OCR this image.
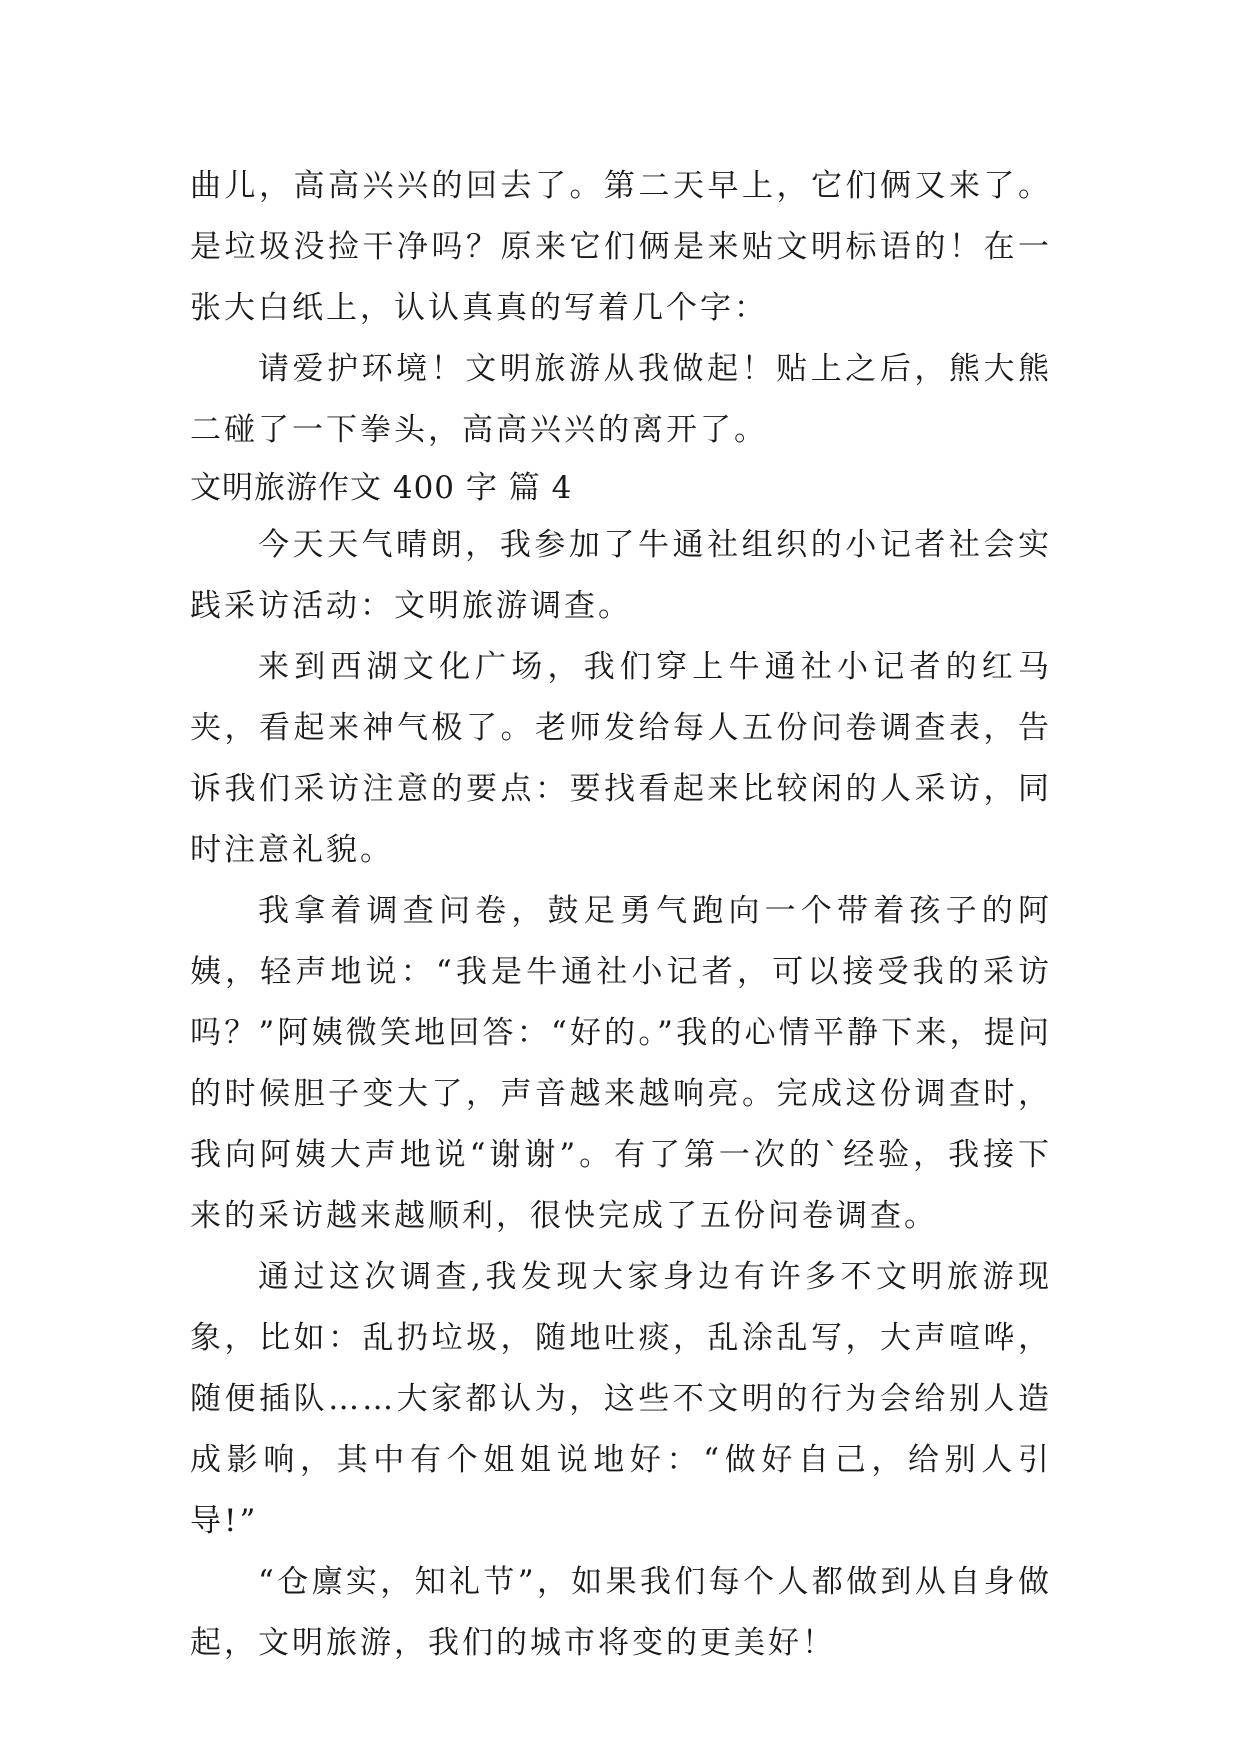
曲儿，高高兴兴的回去了。第二天早上，它们俩又来了。是垃圾没捡干净吗？原来它们俩是来贴文明标语的！在一张大白纸上，认认真真的写着几个字：

请爱护环境！文明旅游从我做起！贴上之后，熊大熊二碰了一下拳头，高高兴兴的离开了。

文明旅游作文 400 字 篇 4

今天天气晴朗，我参加了牛通社组织的小记者社会实践采访活动：文明旅游调查。

来到西湖文化广场，我们穿上牛通社小记者的红马夹，看起来神气极了。老师发给每人五份问卷调查表，告诉我们采访注意的要点：要找看起来比较闲的人采访，同时注意礼貌。

我拿着调查问卷，鼓足勇气跑向一个带着孩子的阿姨，轻声地说：“我是牛通社小记者，可以接受我的采访吗？”阿姨微笑地回答：“好的。”我的心情平静下来，提问的时候胆子变大了，声音越来越响亮。完成这份调查时，我向阿姨大声地说“谢谢”。有了第一次的`经验，我接下来的采访越来越顺利，很快完成了五份问卷调查。

通过这次调查,我发现大家身边有许多不文明旅游现象，比如：乱扔垃圾，随地吐痰，乱涂乱写，大声喧哗，随便插队……大家都认为，这些不文明的行为会给别人造成影响，其中有个姐姐说地好：“做好自己，给别人引导!”

“仓廪实，知礼节”，如果我们每个人都做到从自身做起，文明旅游，我们的城市将变的更美好！
